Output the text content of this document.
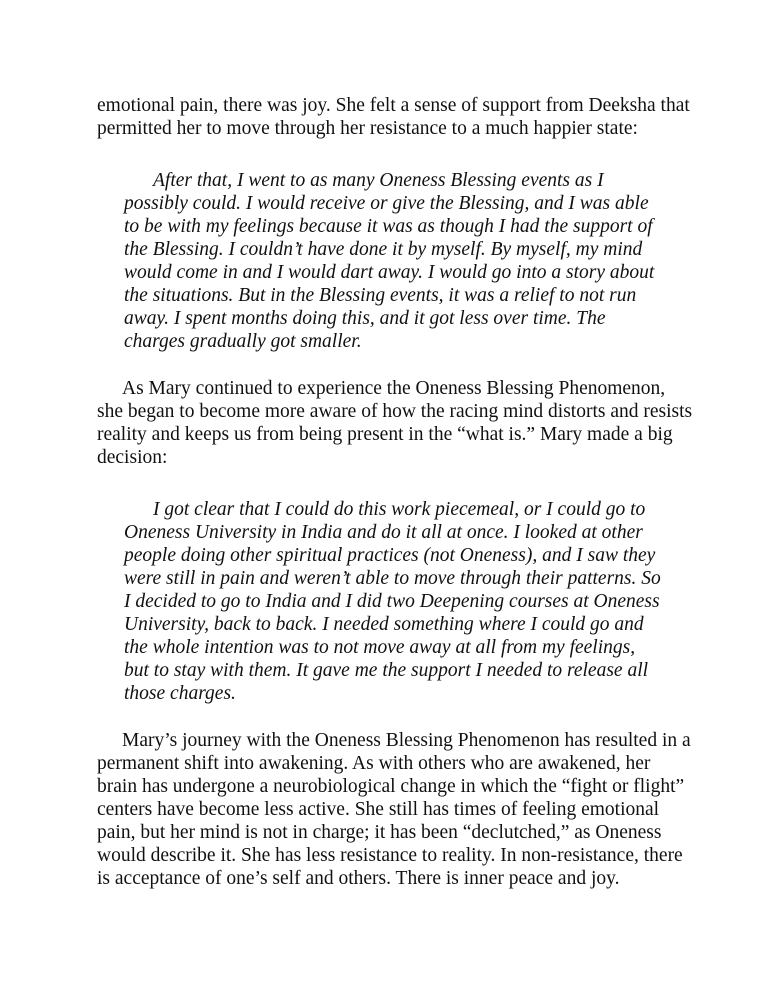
emotional pain, there was joy. She felt a sense of support from Deeksha that
permitted her to move through her resistance to a much happier state:
After that, I went to as many Oneness Blessing events as I
possibly could. I would receive or give the Blessing, and I was able
to be with my feelings because it was as though I had the support of
the Blessing. I couldn’t have done it by myself. By myself, my mind
would come in and I would dart away. I would go into a story about
the situations. But in the Blessing events, it was a relief to not run
away. I spent months doing this, and it got less over time. The
charges gradually got smaller.
As Mary continued to experience the Oneness Blessing Phenomenon,
she began to become more aware of how the racing mind distorts and resists
reality and keeps us from being present in the “what is.” Mary made a big
decision:
I got clear that I could do this work piecemeal, or I could go to
Oneness University in India and do it all at once. I looked at other
people doing other spiritual practices (not Oneness), and I saw they
were still in pain and weren’t able to move through their patterns. So
I decided to go to India and I did two Deepening courses at Oneness
University, back to back. I needed something where I could go and
the whole intention was to not move away at all from my feelings,
but to stay with them. It gave me the support I needed to release all
those charges.
Mary’s journey with the Oneness Blessing Phenomenon has resulted in a
permanent shift into awakening. As with others who are awakened, her
brain has undergone a neurobiological change in which the “fight or flight”
centers have become less active. She still has times of feeling emotional
pain, but her mind is not in charge; it has been “declutched,” as Oneness
would describe it. She has less resistance to reality. In non-resistance, there
is acceptance of one’s self and others. There is inner peace and joy.
